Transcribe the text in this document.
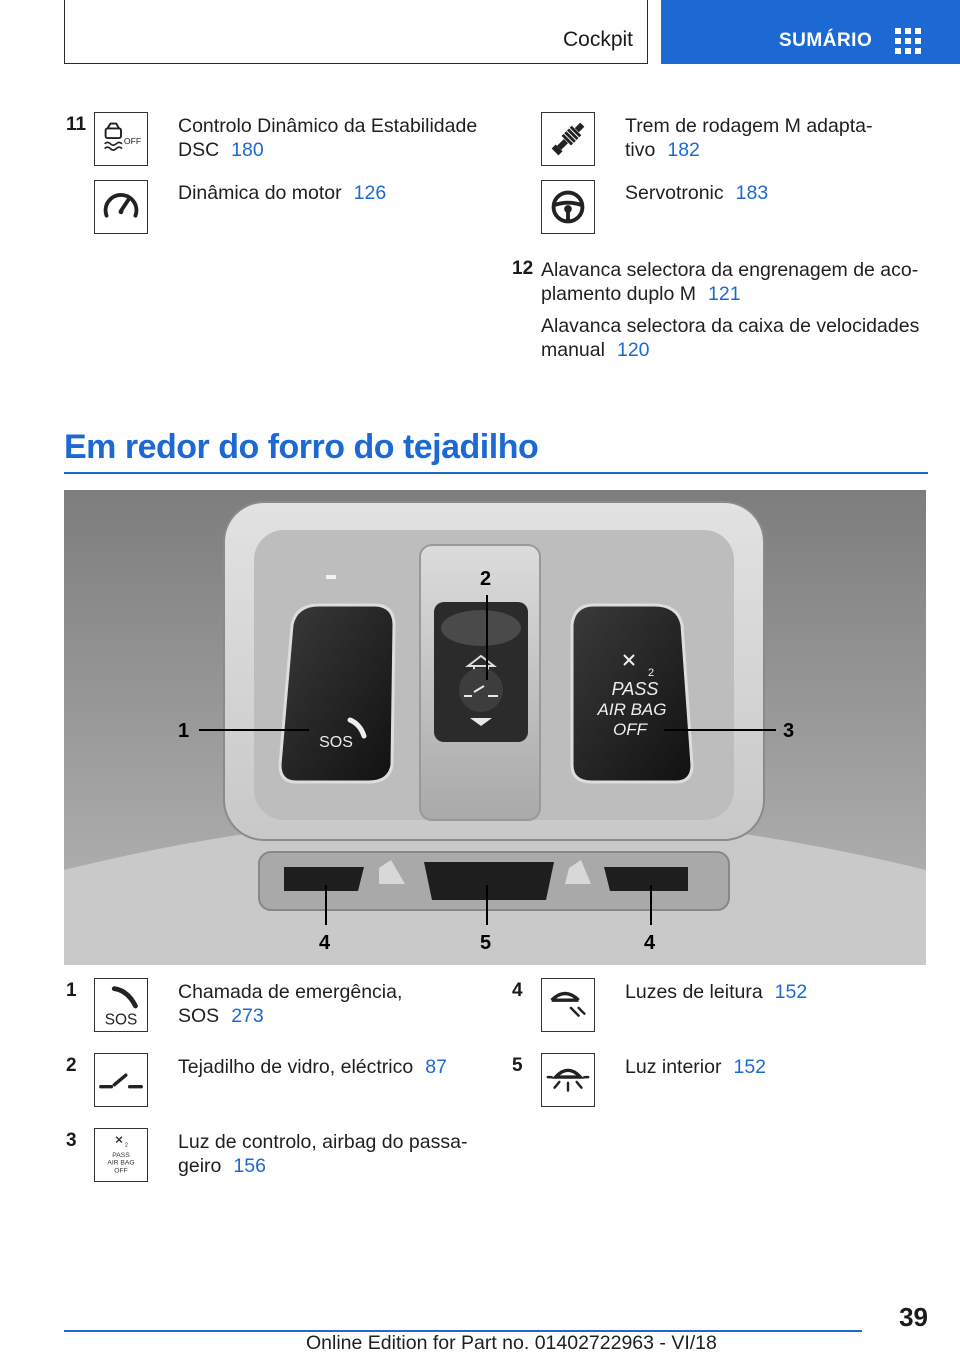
Cockpit	SUMÁRIO
11
OFF
Controlo Dinâmico da Estabilidade
DSC 180
Dinâmica do motor 126
Trem de rodagem M adapta‐
tivo 182
Servotronic 183
12 Alavanca selectora da engrenagem de aco‐
plamento duplo M 121
Alavanca selectora da caixa de velocidades
manual 120
Em redor do forro do tejadilho
PASS
AIR BAG
OFF
2
SOS
1
2
3
4	5	4
1
SOS
Chamada de emergência,
SOS 273
2	Tejadilho de vidro, eléctrico 87
3	2
PASS
AIR BAG
OFF
Luz de controlo, airbag do passa‐
geiro 156
4	Luzes de leitura 152
5	Luz interior 152
39
Online Edition for Part no. 01402722963 - VI/18
